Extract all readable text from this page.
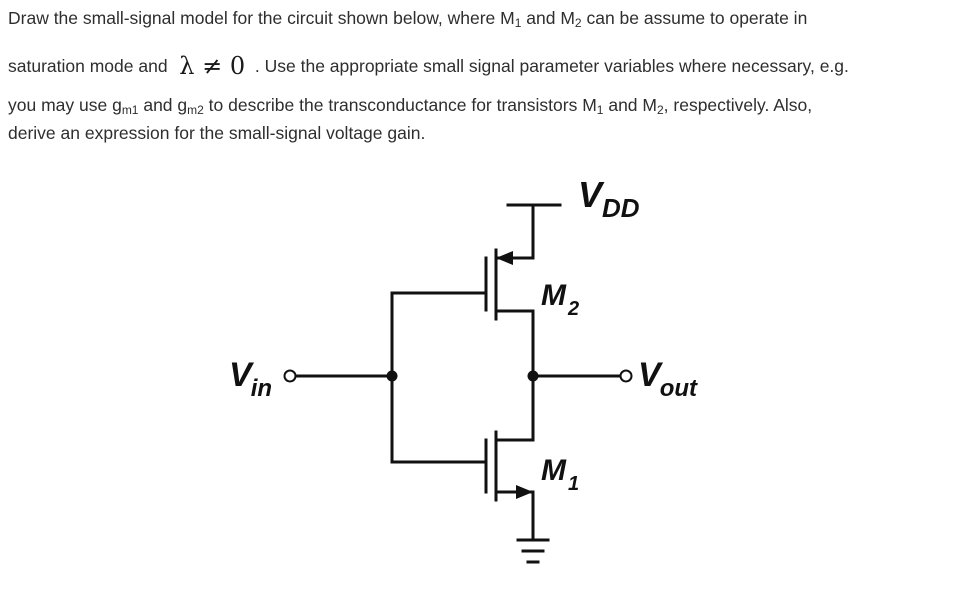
Draw the small-signal model for the circuit shown below, where M1 and M2 can be assume to operate in
saturation mode and λ ≠ 0 . Use the appropriate small signal parameter variables where necessary, e.g.
you may use gm1 and gm2 to describe the transconductance for transistors M1 and M2, respectively. Also,
derive an expression for the small-signal voltage gain.
$V_{DD}$
M $_2$
Vin	Vout
M $_1$
